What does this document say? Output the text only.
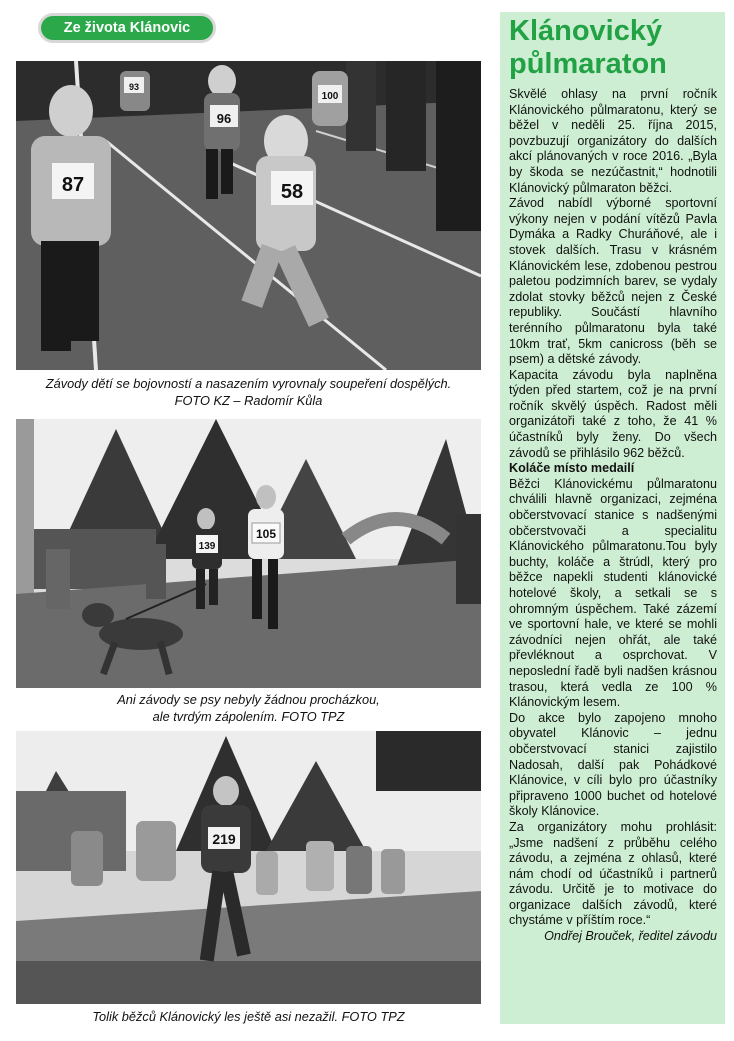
Ze života Klánovic
87	58
96
93
100
Závody dětí se bojovností a nasazením vyrovnaly soupeření dospělých.
FOTO KZ – Radomír Kůla
139
105
Ani závody se psy nebyly žádnou procházkou,
ale tvrdým zápolením. FOTO TPZ
219
Tolik běžců Klánovický les ještě asi nezažil. FOTO TPZ
Klánovický
půlmaraton

Skvělé ohlasy na první ročník Klánovického půlmaratonu, který se běžel v neděli 25. října 2015, povzbuzují organizátory do dalších akcí plánovaných v roce 2016. „Byla by škoda se nezúčastnit,“ hodnotili Klánovický půlmaraton běžci.

Závod nabídl výborné sportovní výkony nejen v podání vítězů Pavla Dymáka a Radky Churáňové, ale i stovek dalších. Trasu v krásném Klánovickém lese, zdobenou pestrou paletou podzimních barev, se vydaly zdolat stovky běžců nejen z České republiky. Součástí hlavního terénního půlmaratonu byla také 10km trať, 5km canicross (běh se psem) a dětské závody.

Kapacita závodu byla naplněna týden před startem, což je na první ročník skvělý úspěch. Radost měli organizátoři také z toho, že 41 % účastníků byly ženy. Do všech závodů se přihlásilo 962 běžců.

Koláče místo medailí

Běžci Klánovickému půlmaratonu chválili hlavně organizaci, zejména občerstvovací stanice s nadšenými občerstvovači a specialitu Klánovického půlmaratonu.Tou byly buchty, koláče a štrúdl, který pro běžce napekli studenti klánovické hotelové školy, a setkali se s ohromným úspěchem. Také zázemí ve sportovní hale, ve které se mohli závodníci nejen ohřát, ale také převléknout a osprchovat. V neposlední řadě byli nadšen krásnou trasou, která vedla ze 100 % Klánovickým lesem.

Do akce bylo zapojeno mnoho obyvatel Klánovic – jednu občerstvovací stanici zajistilo Nadosah, další pak Pohádkové Klánovice, v cíli bylo pro účastníky připraveno 1000 buchet od hotelové školy Klánovice.

Za organizátory mohu prohlásit: „Jsme nadšení z průběhu celého závodu, a zejména z ohlasů, které nám chodí od účastníků i partnerů závodu. Určitě je to motivace do organizace dalších závodů, které chystáme v příštím roce.“

Ondřej Brouček, ředitel závodu
